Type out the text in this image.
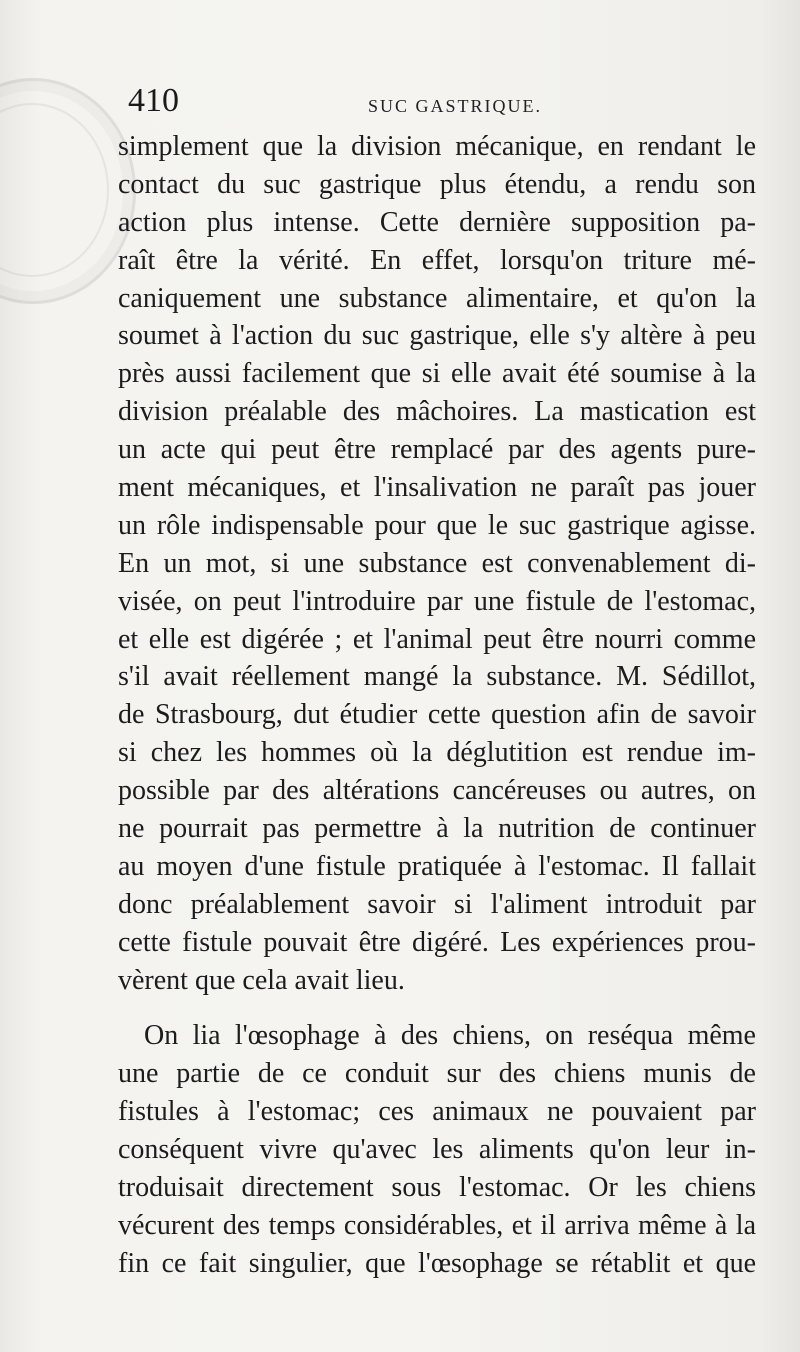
410	SUC GASTRIQUE.
simplement que la division mécanique, en rendant le
contact du suc gastrique plus étendu, a rendu son
action plus intense. Cette dernière supposition pa-
raît être la vérité. En effet, lorsqu'on triture mé-
caniquement une substance alimentaire, et qu'on la
soumet à l'action du suc gastrique, elle s'y altère à peu
près aussi facilement que si elle avait été soumise à la
division préalable des mâchoires. La mastication est
un acte qui peut être remplacé par des agents pure-
ment mécaniques, et l'insalivation ne paraît pas jouer
un rôle indispensable pour que le suc gastrique agisse.
En un mot, si une substance est convenablement di-
visée, on peut l'introduire par une fistule de l'estomac,
et elle est digérée ; et l'animal peut être nourri comme
s'il avait réellement mangé la substance. M. Sédillot,
de Strasbourg, dut étudier cette question afin de savoir
si chez les hommes où la déglutition est rendue im-
possible par des altérations cancéreuses ou autres, on
ne pourrait pas permettre à la nutrition de continuer
au moyen d'une fistule pratiquée à l'estomac. Il fallait
donc préalablement savoir si l'aliment introduit par
cette fistule pouvait être digéré. Les expériences prou-
vèrent que cela avait lieu.
On lia l'œsophage à des chiens, on reséqua même
une partie de ce conduit sur des chiens munis de
fistules à l'estomac; ces animaux ne pouvaient par
conséquent vivre qu'avec les aliments qu'on leur in-
troduisait directement sous l'estomac. Or les chiens
vécurent des temps considérables, et il arriva même à la
fin ce fait singulier, que l'œsophage se rétablit et que
